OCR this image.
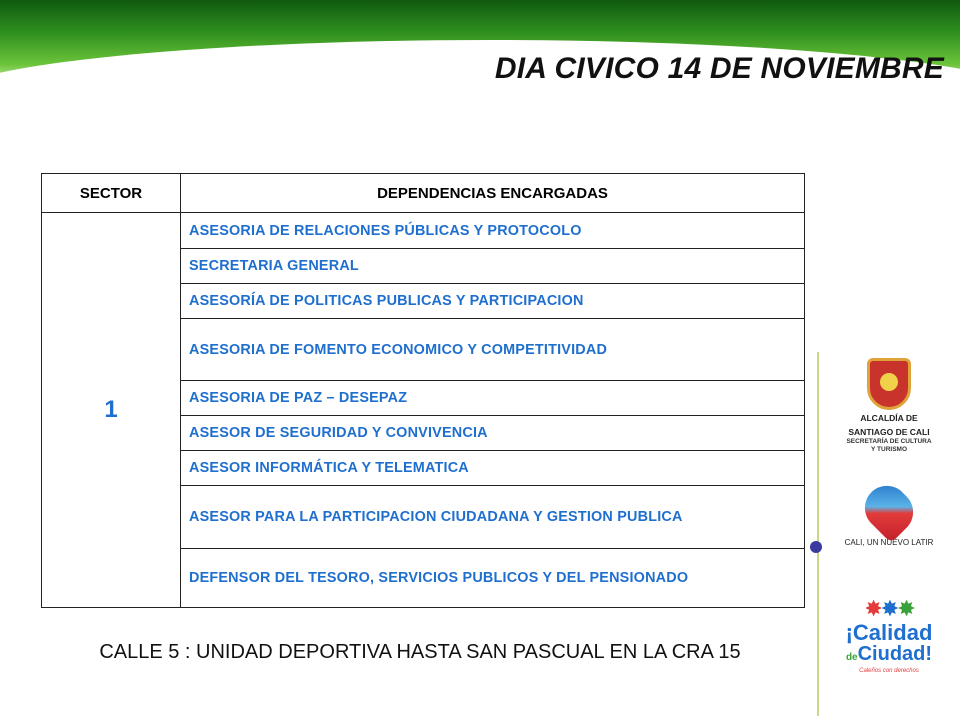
DIA CIVICO 14 DE NOVIEMBRE
SECTOR	DEPENDENCIAS ENCARGADAS
1	ASESORIA DE RELACIONES PÚBLICAS Y PROTOCOLO
	SECRETARIA GENERAL
	ASESORÍA DE POLITICAS PUBLICAS Y PARTICIPACION
	ASESORIA DE FOMENTO ECONOMICO Y COMPETITIVIDAD
	ASESORIA DE PAZ – DESEPAZ
	ASESOR DE SEGURIDAD Y CONVIVENCIA
	ASESOR INFORMÁTICA Y TELEMATICA
	ASESOR PARA LA PARTICIPACION CIUDADANA Y GESTION PUBLICA
	DEFENSOR DEL TESORO, SERVICIOS PUBLICOS Y DEL PENSIONADO
CALLE 5 : UNIDAD DEPORTIVA HASTA SAN PASCUAL EN LA CRA 15
ALCALDÍA DE
SANTIAGO DE CALI
SECRETARÍA DE CULTURA
Y TURISMO
CALI, UN NUEVO LATIR
✸✸✸
¡Calidad
deCiudad!
Caleños con derechos
